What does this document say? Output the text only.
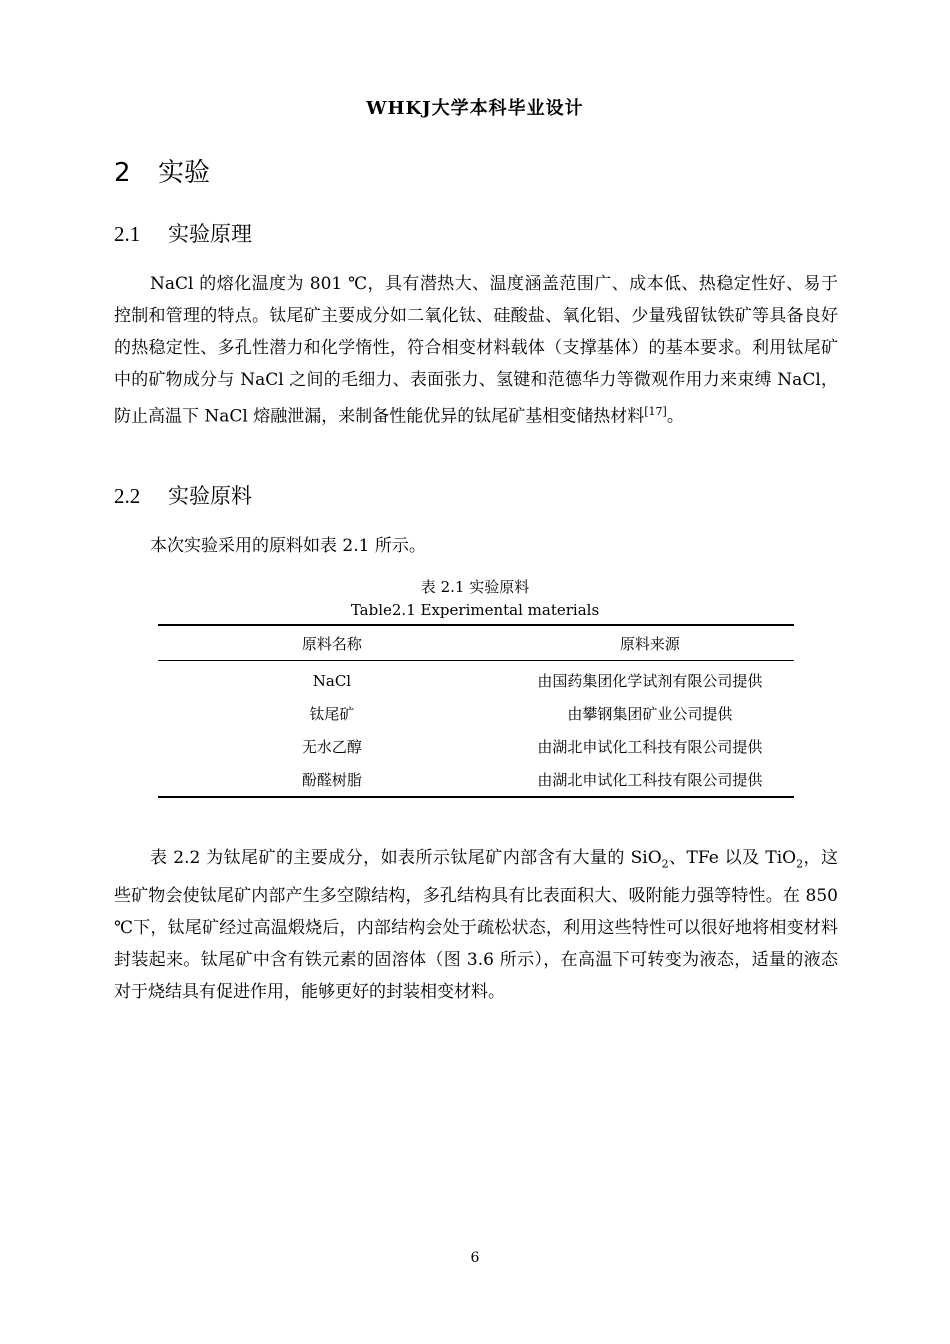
WHKJ大学本科毕业设计
2 实验
2.1 实验原理

NaCl 的熔化温度为 801 ℃，具有潜热大、温度涵盖范围广、成本低、热稳定性好、易于控制和管理的特点。钛尾矿主要成分如二氧化钛、硅酸盐、氧化铝、少量残留钛铁矿等具备良好的热稳定性、多孔性潜力和化学惰性，符合相变材料载体（支撑基体）的基本要求。利用钛尾矿中的矿物成分与 NaCl 之间的毛细力、表面张力、氢键和范德华力等微观作用力来束缚 NaCl，防止高温下 NaCl 熔融泄漏，来制备性能优异的钛尾矿基相变储热材料[17]。

2.2 实验原料

本次实验采用的原料如表 2.1 所示。

表 2.1 实验原料
Table2.1 Experimental materials
原料名称	原料来源
NaCl	由国药集团化学试剂有限公司提供
钛尾矿	由攀钢集团矿业公司提供
无水乙醇	由湖北申试化工科技有限公司提供
酚醛树脂	由湖北申试化工科技有限公司提供

表 2.2 为钛尾矿的主要成分，如表所示钛尾矿内部含有大量的 SiO$_2$、TFe 以及 TiO$_2$，这些矿物会使钛尾矿内部产生多空隙结构，多孔结构具有比表面积大、吸附能力强等特性。在 850 ℃下，钛尾矿经过高温煅烧后，内部结构会处于疏松状态，利用这些特性可以很好地将相变材料封装起来。钛尾矿中含有铁元素的固溶体（图 3.6 所示），在高温下可转变为液态，适量的液态对于烧结具有促进作用，能够更好的封装相变材料。

6
